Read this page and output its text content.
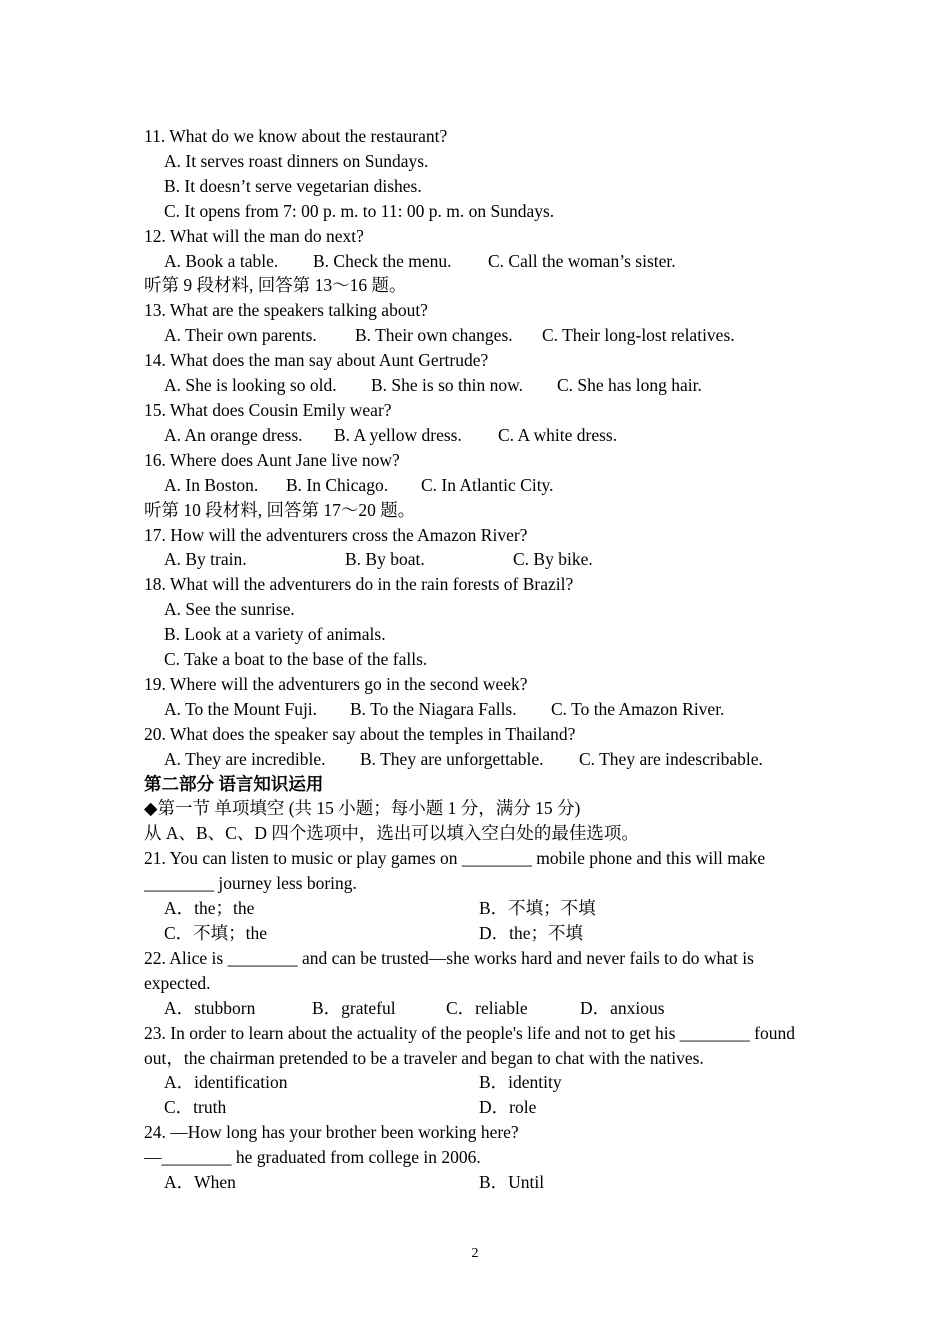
11. What do we know about the restaurant?
A. It serves roast dinners on Sundays.
B. It doesn’t serve vegetarian dishes.
C. It opens from 7: 00 p. m. to 11: 00 p. m. on Sundays.
12. What will the man do next?
A. Book a table.	B. Check the menu.	C. Call the woman’s sister.
听第 9 段材料, 回答第 13～16 题。
13. What are the speakers talking about?
A. Their own parents.	B. Their own changes.	C. Their long-lost relatives.
14. What does the man say about Aunt Gertrude?
A. She is looking so old.	B. She is so thin now.	C. She has long hair.
15. What does Cousin Emily wear?
A. An orange dress.	B. A yellow dress.	C. A white dress.
16. Where does Aunt Jane live now?
A. In Boston.	B. In Chicago.	C. In Atlantic City.
听第 10 段材料, 回答第 17～20 题。
17. How will the adventurers cross the Amazon River?
A. By train.	B. By boat.	C. By bike.
18. What will the adventurers do in the rain forests of Brazil?
A. See the sunrise.
B. Look at a variety of animals.
C. Take a boat to the base of the falls.
19. Where will the adventurers go in the second week?
A. To the Mount Fuji.	B. To the Niagara Falls.	C. To the Amazon River.
20. What does the speaker say about the temples in Thailand?
A. They are incredible.	B. They are unforgettable.	C. They are indescribable.
第二部分 语言知识运用
◆第一节 单项填空 (共 15 小题；每小题 1 分，满分 15 分)
从 A、B、C、D 四个选项中，选出可以填入空白处的最佳选项。
21. You can listen to music or play games on ________ mobile phone and this will make ________ journey less boring.
A．the；the	B．不填；不填
C．不填；the	D．the；不填
22. Alice is ________ and can be trusted—she works hard and never fails to do what is expected.
A．stubborn	B．grateful	C．reliable	D．anxious
23. In order to learn about the actuality of the people's life and not to get his ________ found out，the chairman pretended to be a traveler and began to chat with the natives.
A．identification	B．identity
C．truth	D．role
24. —How long has your brother been working here?
—________ he graduated from college in 2006.
A．When	B．Until
2
